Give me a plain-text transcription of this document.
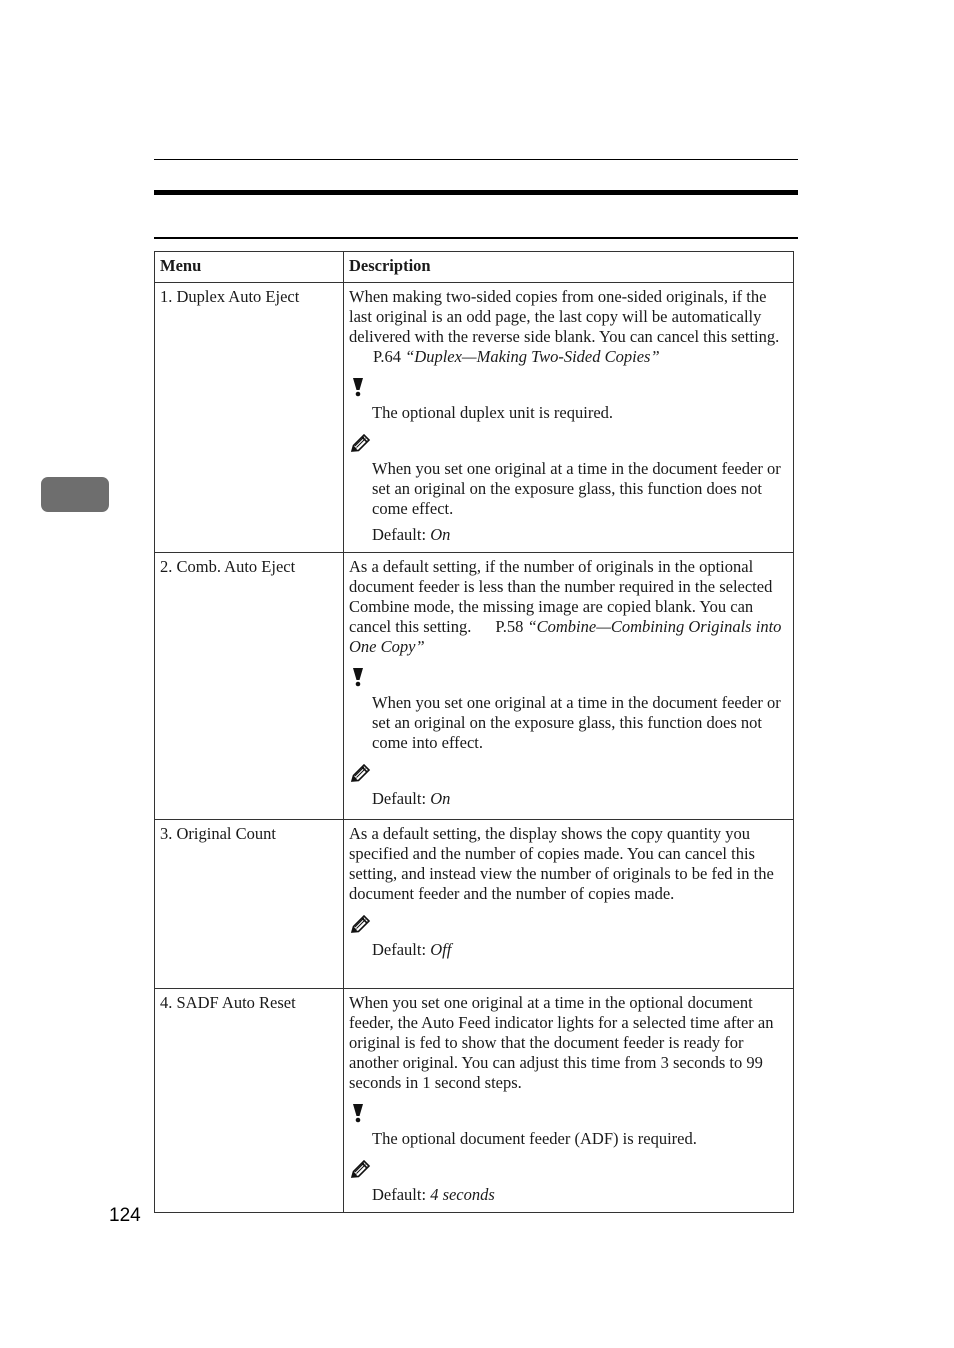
Menu	Description
1. Duplex Auto Eject	When making two-sided copies from one-sided originals, if the last original is an odd page, the last copy will be automatically delivered with the reverse side blank. You can cancel this setting.P.64 “Duplex—Making Two-Sided Copies”

The optional duplex unit is required.

When you set one original at a time in the document feeder or set an original on the exposure glass, this function does not come effect.

Default: On

2. Comb. Auto Eject	As a default setting, if the number of originals in the optional document feeder is less than the number required in the selected Combine mode, the missing image are copied blank. You can cancel this setting. P.58 “Combine—Combining Originals into One Copy”

When you set one original at a time in the document feeder or set an original on the exposure glass, this function does not come into effect.

Default: On

3. Original Count	As a default setting, the display shows the copy quantity you specified and the number of copies made. You can cancel this setting, and instead view the number of originals to be fed in the document feeder and the number of copies made.

Default: Off

4. SADF Auto Reset	When you set one original at a time in the optional document feeder, the Auto Feed indicator lights for a selected time after an original is fed to show that the document feeder is ready for another original. You can adjust this time from 3 seconds to 99 seconds in 1 second steps.

The optional document feeder (ADF) is required.

Default: 4 seconds

124
